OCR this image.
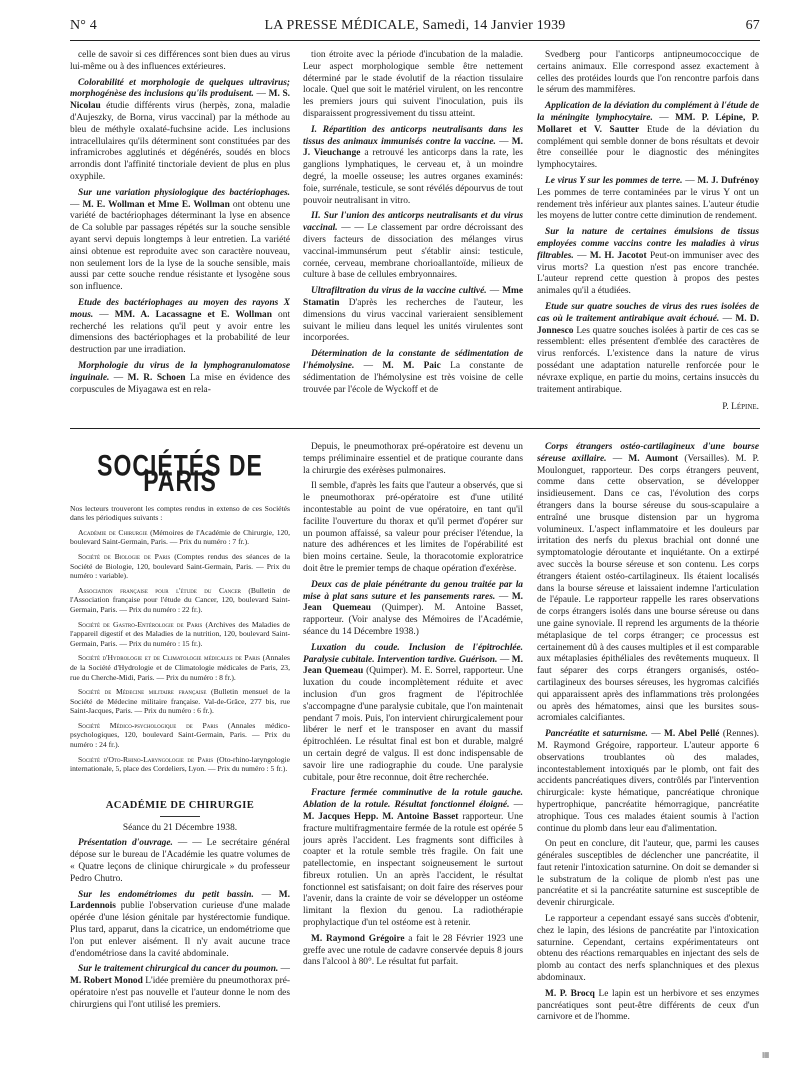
N° 4	LA PRESSE MÉDICALE, Samedi, 14 Janvier 1939	67

celle de savoir si ces différences sont bien dues au virus lui-même ou à des influences extérieures.

Colorabilité et morphologie de quelques ultravirus; morphogénèse des inclusions qu'ils produisent. — M. S. Nicolau étudie différents virus (herpès, zona, maladie d'Aujeszky, de Borna, virus vaccinal) par la méthode au bleu de méthyle oxalaté-fuchsine acide. Les inclusions intracellulaires qu'ils déterminent sont constituées par des inframicrobes agglutinés et dégénérés, soudés en blocs arrondis dont l'affinité tinctoriale devient de plus en plus oxyphile.

Sur une variation physiologique des bactériophages. — M. E. Wollman et Mme E. Wollman ont obtenu une variété de bactériophages déterminant la lyse en absence de Ca soluble par passages répétés sur la souche sensible ayant servi depuis longtemps à leur entretien. La variété ainsi obtenue est reproduite avec son caractère nouveau, non seulement lors de la lyse de la souche sensible, mais aussi par cette souche rendue résistante et lysogène sous son influence.

Etude des bactériophages au moyen des rayons X mous. — MM. A. Lacassagne et E. Wollman ont recherché les relations qu'il peut y avoir entre les dimensions des bactériophages et la probabilité de leur destruction par une irradiation.

Morphologie du virus de la lymphogranulomatose inguinale. — M. R. Schoen La mise en évidence des corpuscules de Miyagawa est en rela-

tion étroite avec la période d'incubation de la maladie. Leur aspect morphologique semble être nettement déterminé par le stade évolutif de la réaction tissulaire locale. Quel que soit le matériel virulent, on les rencontre les premiers jours qui suivent l'inoculation, puis ils disparaissent progressivement du tissu atteint.

I. Répartition des anticorps neutralisants dans les tissus des animaux immunisés contre la vaccine. — M. J. Vieuchange a retrouvé les anticorps dans la rate, les ganglions lymphatiques, le cerveau et, à un moindre degré, la moelle osseuse; les autres organes examinés: foie, surrénale, testicule, se sont révélés dépourvus de tout pouvoir neutralisant in vitro.

II. Sur l'union des anticorps neutralisants et du virus vaccinal. — — Le classement par ordre décroissant des divers facteurs de dissociation des mélanges virus vaccinal-immunsérum peut s'établir ainsi: testicule, cornée, cerveau, membrane chorioallantoïde, milieux de culture à base de cellules embryonnaires.

Ultrafiltration du virus de la vaccine cultivé. — Mme Stamatin D'après les recherches de l'auteur, les dimensions du virus vaccinal varieraient sensiblement suivant le milieu dans lequel les unités virulentes sont incorporées.

Détermination de la constante de sédimentation de l'hémolysine. — M. M. Paic La constante de sédimentation de l'hémolysine est très voisine de celle trouvée par l'école de Wyckoff et de

Svedberg pour l'anticorps antipneumococcique de certains animaux. Elle correspond assez exactement à celles des protéides lourds que l'on rencontre parfois dans le sérum des mammifères.

Application de la déviation du complément à l'étude de la méningite lymphocytaire. — MM. P. Lépine, P. Mollaret et V. Sautter Etude de la déviation du complément qui semble donner de bons résultats et devoir être conseillée pour le diagnostic des méningites lymphocytaires.

Le virus Y sur les pommes de terre. — M. J. Dufrénoy Les pommes de terre contaminées par le virus Y ont un rendement très inférieur aux plantes saines. L'auteur étudie les moyens de lutter contre cette diminution de rendement.

Sur la nature de certaines émulsions de tissus employées comme vaccins contre les maladies à virus filtrables. — M. H. Jacotot Peut-on immuniser avec des virus morts? La question n'est pas encore tranchée. L'auteur reprend cette question à propos des pestes animales qu'il a étudiées.

Etude sur quatre souches de virus des rues isolées de cas où le traitement antirabique avait échoué. — M. D. Jonnesco Les quatre souches isolées à partir de ces cas se ressemblent: elles présentent d'emblée des caractères de virus renforcés. L'existence dans la nature de virus possédant une adaptation naturelle renforcée pour le névraxe explique, en partie du moins, certains insuccès du traitement antirabique.

P. Lépine.
SOCIÉTÉS DE PARIS

Nos lecteurs trouveront les comptes rendus in extenso de ces Sociétés dans les périodiques suivants :

Académie de Chirurgie (Mémoires de l'Académie de Chirurgie, 120, boulevard Saint-Germain, Paris. — Prix du numéro : 7 fr.).

Société de Biologie de Paris (Comptes rendus des séances de la Société de Biologie, 120, boulevard Saint-Germain, Paris. — Prix du numéro : variable).

Association française pour l'étude du Cancer (Bulletin de l'Association française pour l'étude du Cancer, 120, boulevard Saint-Germain, Paris. — Prix du numéro : 22 fr.).

Société de Gastro-Entérologie de Paris (Archives des Maladies de l'appareil digestif et des Maladies de la nutrition, 120, boulevard Saint-Germain, Paris. — Prix du numéro : 15 fr.).

Société d'Hydrologie et de Climatologie médicales de Paris (Annales de la Société d'Hydrologie et de Climatologie médicales de Paris, 23, rue du Cherche-Midi, Paris. — Prix du numéro : 8 fr.).

Société de Médecine militaire française (Bulletin mensuel de la Société de Médecine militaire française. Val-de-Grâce, 277 bis, rue Saint-Jacques, Paris. — Prix du numéro : 6 fr.).

Société Médico-psychologique de Paris (Annales médico-psychologiques, 120, boulevard Saint-Germain, Paris. — Prix du numéro : 24 fr.).

Société d'Oto-Rhino-Laryngologie de Paris (Oto-rhino-laryngologie internationale, 5, place des Cordeliers, Lyon. — Prix du numéro : 5 fr.).

ACADÉMIE DE CHIRURGIE

Séance du 21 Décembre 1938.

Présentation d'ouvrage. — — Le secrétaire général dépose sur le bureau de l'Académie les quatre volumes de « Quatre leçons de clinique chirurgicale » du professeur Pedro Chutro.

Sur les endométriomes du petit bassin. — M. Lardennois publie l'observation curieuse d'une malade opérée d'une lésion génitale par hystérectomie fundique. Plus tard, apparut, dans la cicatrice, un endométriome que l'on put enlever aisément. Il n'y avait aucune trace d'endométriose dans la cavité abdominale.

Sur le traitement chirurgical du cancer du poumon. — M. Robert Monod L'idée première du pneumothorax pré-opératoire n'est pas nouvelle et l'auteur donne le nom des chirurgiens qui l'ont utilisé les premiers.

Depuis, le pneumothorax pré-opératoire est devenu un temps préliminaire essentiel et de pratique courante dans la chirurgie des exérèses pulmonaires.

Il semble, d'après les faits que l'auteur a observés, que si le pneumothorax pré-opératoire est d'une utilité incontestable au point de vue opératoire, en tant qu'il facilite l'ouverture du thorax et qu'il permet d'opérer sur un poumon affaissé, sa valeur pour préciser l'étendue, la nature des adhérences et les limites de l'opérabilité est bien moins certaine. Seule, la thoracotomie exploratrice doit être le premier temps de chaque opération d'exérèse.

Deux cas de plaie pénétrante du genou traitée par la mise à plat sans suture et les pansements rares. — M. Jean Quemeau (Quimper). M. Antoine Basset, rapporteur. (Voir analyse des Mémoires de l'Académie, séance du 14 Décembre 1938.)

Luxation du coude. Inclusion de l'épitrochlée. Paralysie cubitale. Intervention tardive. Guérison. — M. Jean Quemeau (Quimper). M. E. Sorrel, rapporteur. Une luxation du coude incomplètement réduite et avec inclusion d'un gros fragment de l'épitrochlée s'accompagne d'une paralysie cubitale, que l'on maintenait pendant 7 mois. Puis, l'on intervient chirurgicalement pour libérer le nerf et le transposer en avant du massif épitrochléen. Le résultat final est bon et durable, malgré un certain degré de valgus. Il est donc indispensable de savoir lire une radiographie du coude. Une paralysie cubitale, pour être reconnue, doit être recherchée.

Fracture fermée comminutive de la rotule gauche. Ablation de la rotule. Résultat fonctionnel éloigné. — M. Jacques Hepp. M. Antoine Basset rapporteur. Une fracture multifragmentaire fermée de la rotule est opérée 5 jours après l'accident. Les fragments sont difficiles à coapter et la rotule semble très fragile. On fait une patellectomie, en inspectant soigneusement le surtout fibreux rotulien. Un an après l'accident, le résultat fonctionnel est satisfaisant; on doit faire des réserves pour l'avenir, dans la crainte de voir se développer un ostéome limitant la flexion du genou. La radiothérapie prophylactique d'un tel ostéome est à retenir.

M. Raymond Grégoire a fait le 28 Février 1923 une greffe avec une rotule de cadavre conservée depuis 8 jours dans l'alcool à 80°. Le résultat fut parfait.

Corps étrangers ostéo-cartilagineux d'une bourse séreuse axillaire. — M. Aumont (Versailles). M. P. Moulonguet, rapporteur. Des corps étrangers peuvent, comme dans cette observation, se développer insidieusement. Dans ce cas, l'évolution des corps étrangers dans la bourse séreuse du sous-scapulaire a entraîné une brusque distension par un hygroma volumineux. L'aspect inflammatoire et les douleurs par irritation des nerfs du plexus brachial ont donné une symptomatologie déroutante et inquiétante. On a extirpé avec succès la bourse séreuse et son contenu. Les corps étrangers étaient ostéo-cartilagineux. Ils étaient localisés dans la bourse séreuse et laissaient indemne l'articulation de l'épaule. Le rapporteur rappelle les rares observations de corps étrangers isolés dans une bourse séreuse ou dans une gaine synoviale. Il reprend les arguments de la théorie métaplasique de tel corps étranger; ce processus est certainement dû à des causes multiples et il est comparable aux métaplasies épithéliales des revêtements muqueux. Il faut séparer des corps étrangers organisés, ostéo-cartilagineux des bourses séreuses, les hygromas calcifiés qui apparaissent après des inflammations très prolongées ou après des hématomes, ainsi que les bursites sous-acromiales calcifiantes.

Pancréatite et saturnisme. — M. Abel Pellé (Rennes). M. Raymond Grégoire, rapporteur. L'auteur apporte 6 observations troublantes où des malades, incontestablement intoxiqués par le plomb, ont fait des accidents pancréatiques divers, contrôlés par l'intervention chirurgicale: kyste hématique, pancréatique chronique hypertrophique, pancréatite hémorragique, pancréatite atrophique. Tous ces malades étaient soumis à l'action continue du plomb dans leur eau d'alimentation.

On peut en conclure, dit l'auteur, que, parmi les causes générales susceptibles de déclencher une pancréatite, il faut retenir l'intoxication saturnine. On doit se demander si le substratum de la colique de plomb n'est pas une pancréatite et si la pancréatite saturnine est susceptible de devenir chirurgicale.

Le rapporteur a cependant essayé sans succès d'obtenir, chez le lapin, des lésions de pancréatite par l'intoxication saturnine. Cependant, certains expérimentateurs ont obtenu des réactions remarquables en injectant des sels de plomb au contact des nerfs splanchniques et des plexus abdominaux.

M. P. Brocq Le lapin est un herbivore et ses enzymes pancréatiques sont peut-être différents de ceux d'un carnivore et de l'homme.

▦
